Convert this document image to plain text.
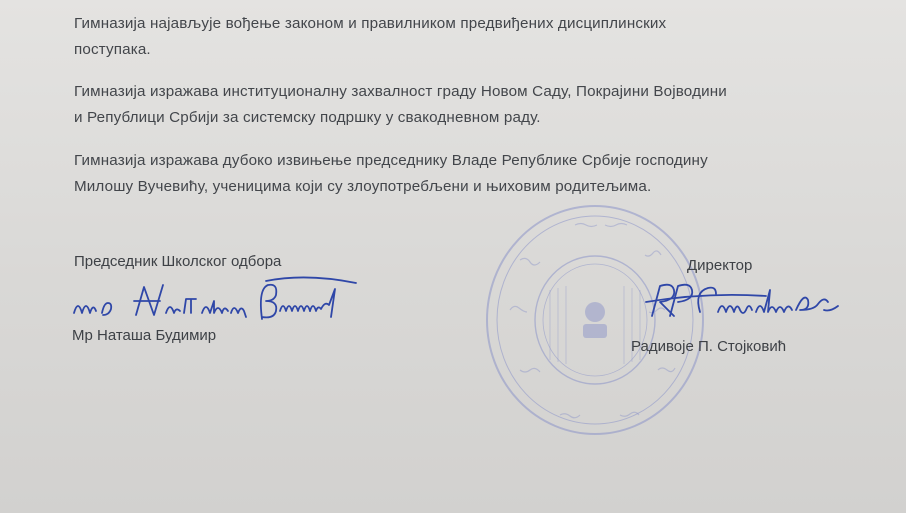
Гимназија најављује вођење законом и правилником предвиђених дисциплинских
поступака.
Гимназија изражава институционалну захвалност граду Новом Саду, Покрајини Војводини
и Републици Србији за системску подршку у свакодневном раду.
Гимназија изражава дубоко извињење председнику Владе Републике Србије господину
Милошу Вучевићу, ученицима који су злоупотребљени и њиховим родитељима.
Председник Школског одбора
Мр Наташа Будимир
Директор
Радивоје П. Стојковић
